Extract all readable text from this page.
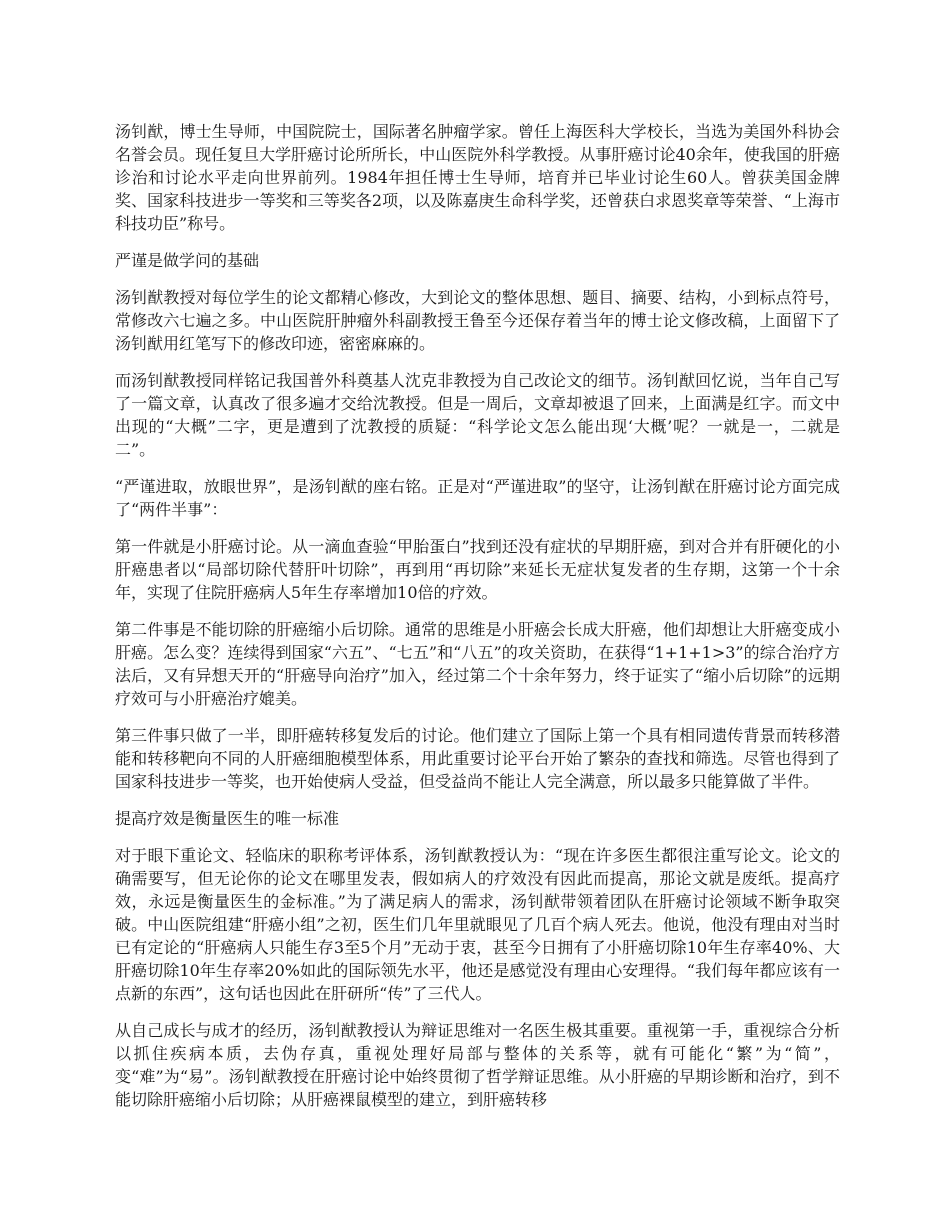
汤钊猷，博士生导师，中国院院士，国际著名肿瘤学家。曾任上海医科大学校长，当选为美国外科协会名誉会员。现任复旦大学肝癌讨论所所长，中山医院外科学教授。从事肝癌讨论40余年，使我国的肝癌诊治和讨论水平走向世界前列。1984年担任博士生导师，培育并已毕业讨论生60人。曾获美国金牌奖、国家科技进步一等奖和三等奖各2项，以及陈嘉庚生命科学奖，还曾获白求恩奖章等荣誉、“上海市科技功臣”称号。

严谨是做学问的基础

汤钊猷教授对每位学生的论文都精心修改，大到论文的整体思想、题目、摘要、结构，小到标点符号，常修改六七遍之多。中山医院肝肿瘤外科副教授王鲁至今还保存着当年的博士论文修改稿，上面留下了汤钊猷用红笔写下的修改印迹，密密麻麻的。

而汤钊猷教授同样铭记我国普外科奠基人沈克非教授为自己改论文的细节。汤钊猷回忆说，当年自己写了一篇文章，认真改了很多遍才交给沈教授。但是一周后，文章却被退了回来，上面满是红字。而文中出现的“大概”二字，更是遭到了沈教授的质疑：“科学论文怎么能出现‘大概’呢？一就是一，二就是二”。

“严谨进取，放眼世界”，是汤钊猷的座右铭。正是对“严谨进取”的坚守，让汤钊猷在肝癌讨论方面完成了“两件半事”：

第一件就是小肝癌讨论。从一滴血查验“甲胎蛋白”找到还没有症状的早期肝癌，到对合并有肝硬化的小肝癌患者以“局部切除代替肝叶切除”，再到用“再切除”来延长无症状复发者的生存期，这第一个十余年，实现了住院肝癌病人5年生存率增加10倍的疗效。

第二件事是不能切除的肝癌缩小后切除。通常的思维是小肝癌会长成大肝癌，他们却想让大肝癌变成小肝癌。怎么变？连续得到国家“六五”、“七五”和“八五”的攻关资助，在获得“1+1+1>3”的综合治疗方法后，又有异想天开的“肝癌导向治疗”加入，经过第二个十余年努力，终于证实了“缩小后切除”的远期疗效可与小肝癌治疗媲美。

第三件事只做了一半，即肝癌转移复发后的讨论。他们建立了国际上第一个具有相同遗传背景而转移潜能和转移靶向不同的人肝癌细胞模型体系，用此重要讨论平台开始了繁杂的查找和筛选。尽管也得到了国家科技进步一等奖，也开始使病人受益，但受益尚不能让人完全满意，所以最多只能算做了半件。

提高疗效是衡量医生的唯一标准

对于眼下重论文、轻临床的职称考评体系，汤钊猷教授认为：“现在许多医生都很注重写论文。论文的确需要写，但无论你的论文在哪里发表，假如病人的疗效没有因此而提高，那论文就是废纸。提高疗效，永远是衡量医生的金标准。”为了满足病人的需求，汤钊猷带领着团队在肝癌讨论领域不断争取突破。中山医院组建“肝癌小组”之初，医生们几年里就眼见了几百个病人死去。他说，他没有理由对当时已有定论的“肝癌病人只能生存3至5个月”无动于衷，甚至今日拥有了小肝癌切除10年生存率40%、大肝癌切除10年生存率20%如此的国际领先水平，他还是感觉没有理由心安理得。“我们每年都应该有一点新的东西”，这句话也因此在肝研所“传”了三代人。

从自己成长与成才的经历，汤钊猷教授认为辩证思维对一名医生极其重要。重视第一手，重视综合分析以抓住疾病本质，去伪存真，重视处理好局部与整体的关系等，就有可能化“繁”为“简”，变“难”为“易”。汤钊猷教授在肝癌讨论中始终贯彻了哲学辩证思维。从小肝癌的早期诊断和治疗，到不能切除肝癌缩小后切除；从肝癌裸鼠模型的建立，到肝癌转移
